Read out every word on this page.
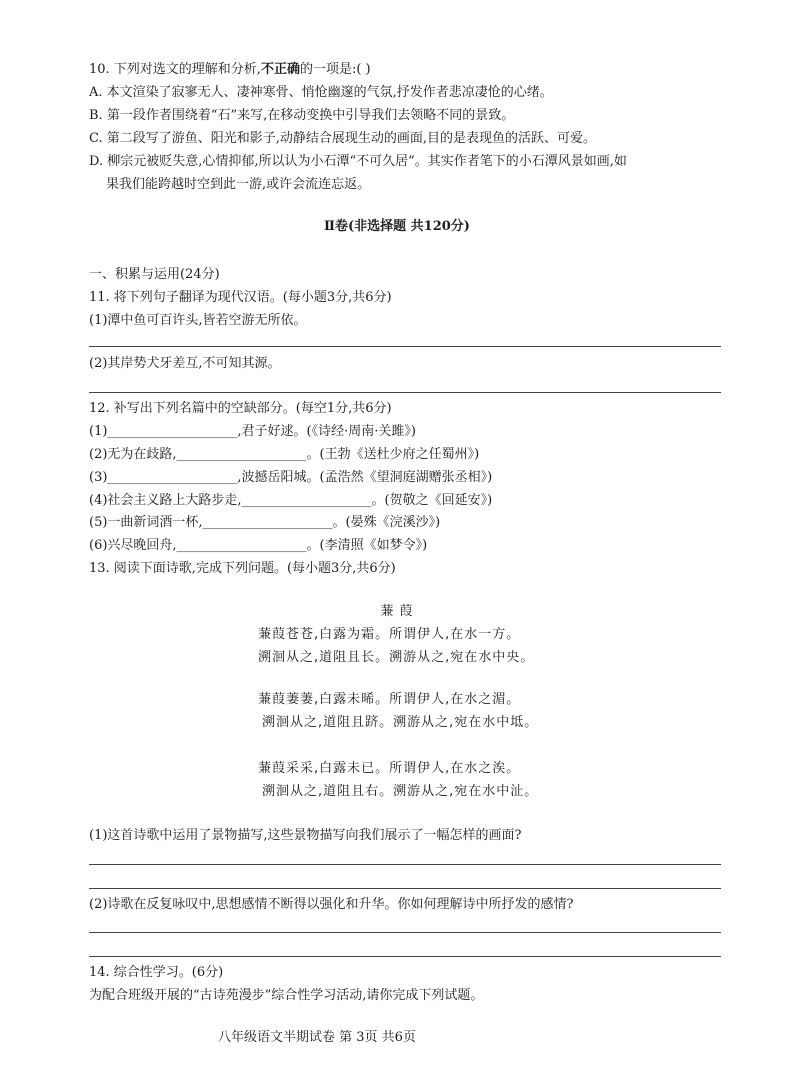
10. 下列对选文的理解和分析,不正确的一项是:( )
A. 本文渲染了寂寥无人、凄神寒骨、悄怆幽邃的气氛,抒发作者悲凉凄怆的心绪。
B. 第一段作者围绕着“石”来写,在移动变换中引导我们去领略不同的景致。
C. 第二段写了游鱼、阳光和影子,动静结合展现生动的画面,目的是表现鱼的活跃、可爱。
D. 柳宗元被贬失意,心情抑郁,所以认为小石潭“不可久居”。其实作者笔下的小石潭风景如画,如
果我们能跨越时空到此一游,或许会流连忘返。
Ⅱ卷(非选择题 共120分)
一、积累与运用(24分)
11. 将下列句子翻译为现代汉语。(每小题3分,共6分)
(1)潭中鱼可百许头,皆若空游无所依。
(2)其岸势犬牙差互,不可知其源。
12. 补写出下列名篇中的空缺部分。(每空1分,共6分)
(1)____________________,君子好逑。(《诗经·周南·关雎》)
(2)无为在歧路,____________________。(王勃《送杜少府之任蜀州》)
(3)____________________,波撼岳阳城。(孟浩然《望洞庭湖赠张丞相》)
(4)社会主义路上大路步走,____________________。(贺敬之《回延安》)
(5)一曲新词酒一杯,____________________。(晏殊《浣溪沙》)
(6)兴尽晚回舟,____________________。(李清照《如梦令》)
13. 阅读下面诗歌,完成下列问题。(每小题3分,共6分)
蒹 葭
蒹葭苍苍,白露为霜。所谓伊人,在水一方。
溯洄从之,道阻且长。溯游从之,宛在水中央。
蒹葭萋萋,白露未晞。所谓伊人,在水之湄。
溯洄从之,道阻且跻。溯游从之,宛在水中坻。
蒹葭采采,白露未已。所谓伊人,在水之涘。
溯洄从之,道阻且右。溯游从之,宛在水中沚。
(1)这首诗歌中运用了景物描写,这些景物描写向我们展示了一幅怎样的画面?
(2)诗歌在反复咏叹中,思想感情不断得以强化和升华。你如何理解诗中所抒发的感情?
14. 综合性学习。(6分)
为配合班级开展的“古诗苑漫步”综合性学习活动,请你完成下列试题。
八年级语文半期试卷 第 3页 共6页
